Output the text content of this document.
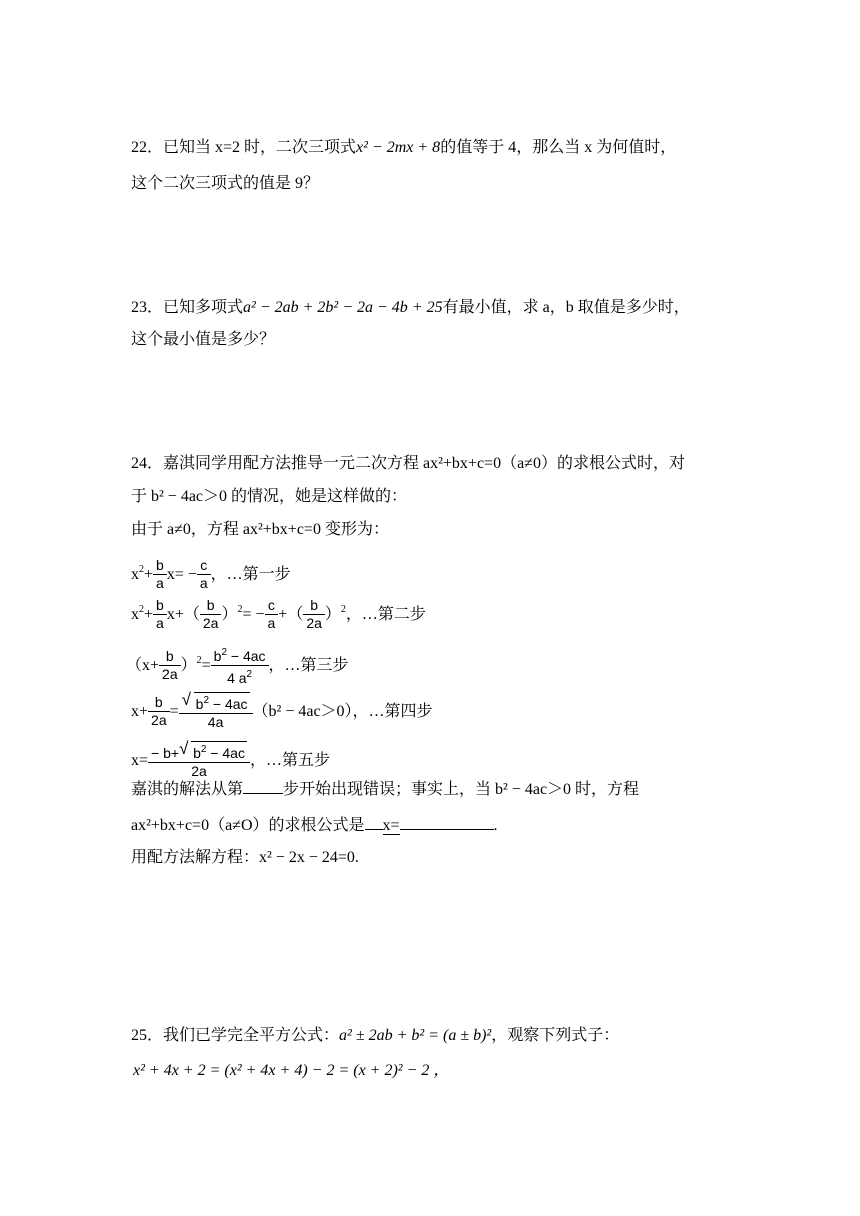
22．已知当 x=2 时，二次三项式x² − 2mx + 8的值等于 4，那么当 x 为何值时，
这个二次三项式的值是 9？
23．已知多项式a² − 2ab + 2b² − 2a − 4b + 25有最小值，求 a，b 取值是多少时，
这个最小值是多少？
24．嘉淇同学用配方法推导一元二次方程 ax²+bx+c=0（a≠0）的求根公式时，对
于 b² − 4ac＞0 的情况，她是这样做的：
由于 a≠0，方程 ax²+bx+c=0 变形为：
$x^2+ \frac{b}{a} x= - \frac{c}{a}$ ，…第一步
$x^2+ \frac{b}{a} x+( \frac{b}{2a} )^2= - \frac{c}{a}$ +（ $\frac{b}{2a} )^2$，…第二步
$(x+ \frac{b}{2a} )^2= \frac{b^2 - 4ac}{4 a^2}$ ，…第三步
$x+ \frac{b}{2a} = \frac{√ b^2 - 4ac}{4a} (b^2 - 4ac>0)$，…第四步
$x= \frac{- b+ √ b^2 - 4ac}{2a}$ ，…第五步
嘉淇的解法从第	步开始出现错误；事实上，当 b² − 4ac＞0 时，方程
ax²+bx+c=0（a≠O）的求根公式是 x=	.
用配方法解方程：x² − 2x − 24=0.
25．我们已学完全平方公式：a² ± 2ab + b² = (a ± b)²，观察下列式子：
x² + 4x + 2 = (x² + 4x + 4) − 2 = (x + 2)² − 2 ，
